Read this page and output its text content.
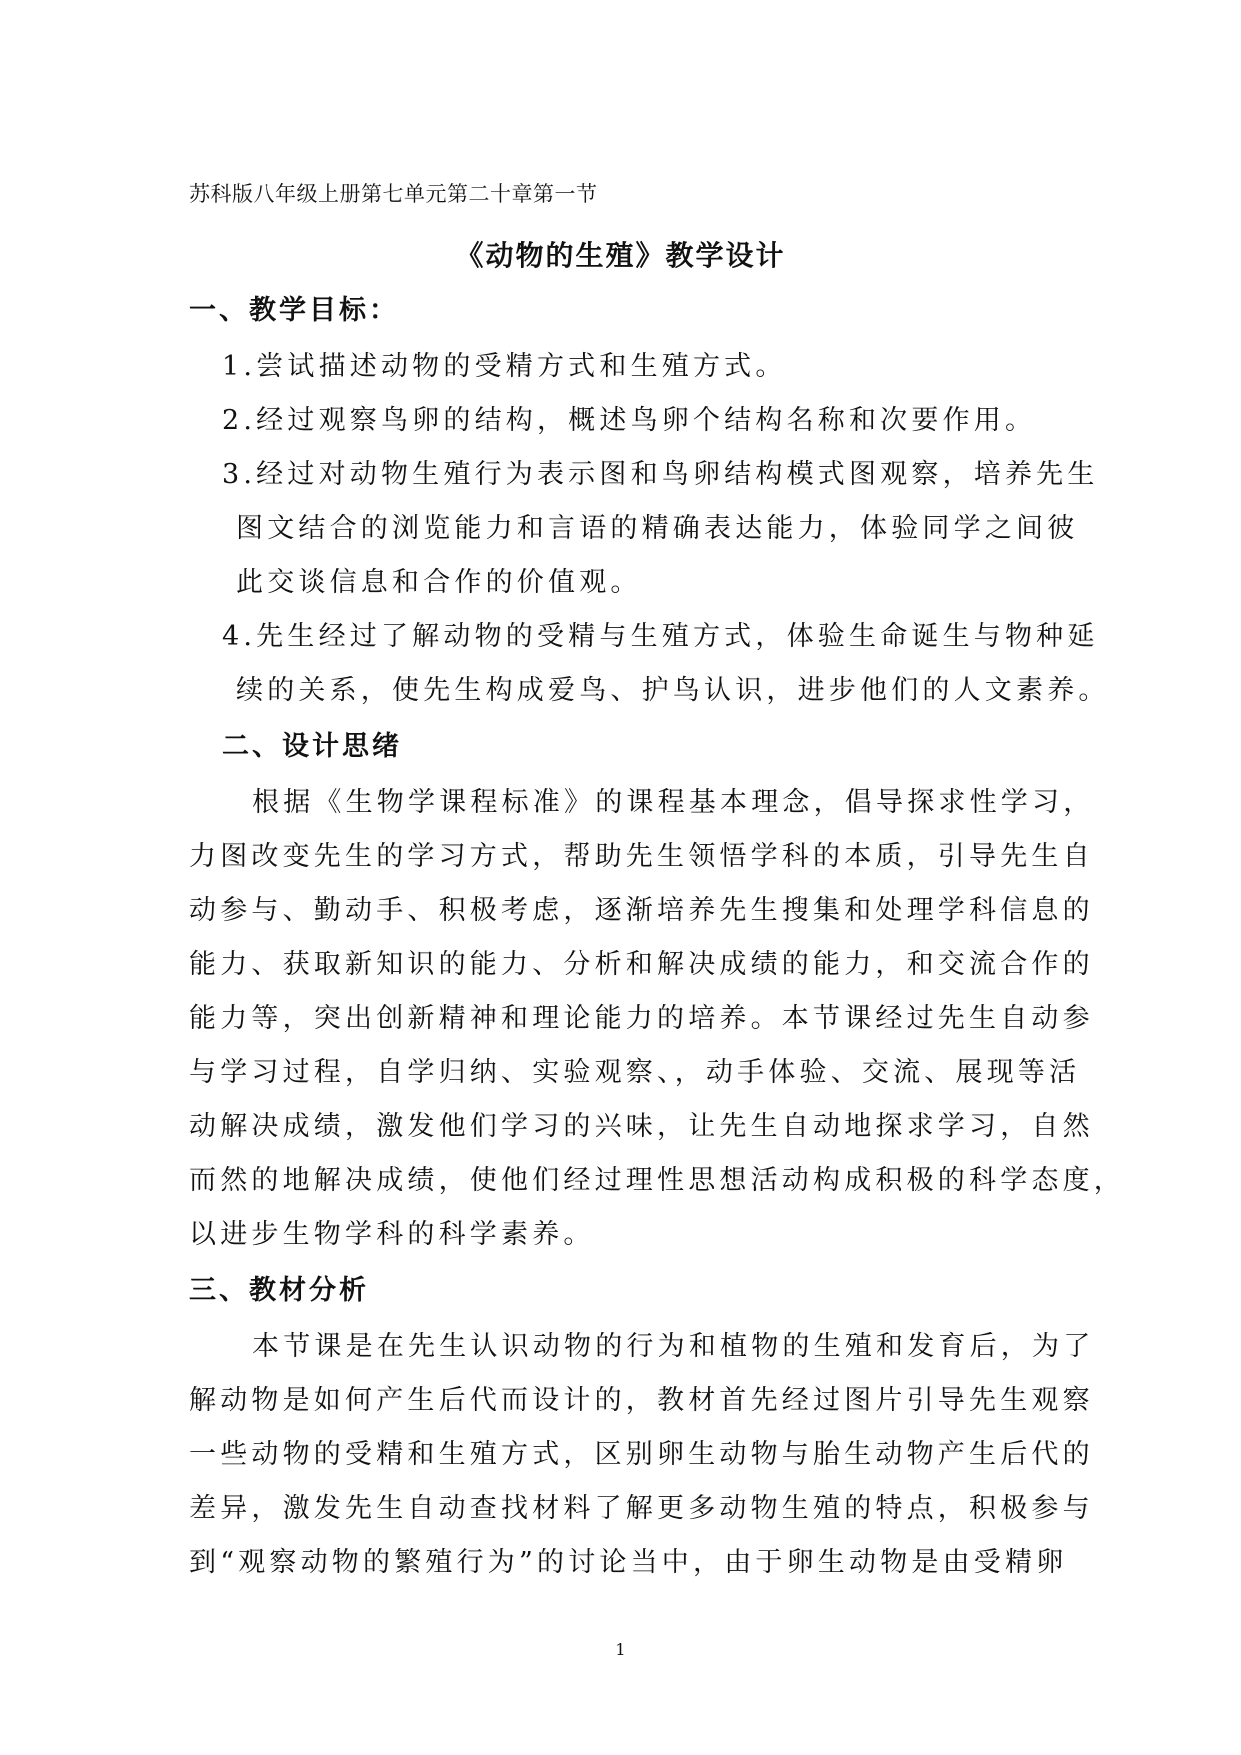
苏科版八年级上册第七单元第二十章第一节
《动物的生殖》教学设计
一、教学目标：
1.尝试描述动物的受精方式和生殖方式。
2.经过观察鸟卵的结构，概述鸟卵个结构名称和次要作用。
3.经过对动物生殖行为表示图和鸟卵结构模式图观察，培养先生
图文结合的浏览能力和言语的精确表达能力，体验同学之间彼
此交谈信息和合作的价值观。
4.先生经过了解动物的受精与生殖方式，体验生命诞生与物种延
续的关系，使先生构成爱鸟、护鸟认识，进步他们的人文素养。
二、设计思绪
根据《生物学课程标准》的课程基本理念，倡导探求性学习，
力图改变先生的学习方式，帮助先生领悟学科的本质，引导先生自
动参与、勤动手、积极考虑，逐渐培养先生搜集和处理学科信息的
能力、获取新知识的能力、分析和解决成绩的能力，和交流合作的
能力等，突出创新精神和理论能力的培养。本节课经过先生自动参
与学习过程，自学归纳、实验观察、，动手体验、交流、展现等活
动解决成绩，激发他们学习的兴味，让先生自动地探求学习，自然
而然的地解决成绩，使他们经过理性思想活动构成积极的科学态度，
以进步生物学科的科学素养。
三、教材分析
本节课是在先生认识动物的行为和植物的生殖和发育后，为了
解动物是如何产生后代而设计的，教材首先经过图片引导先生观察
一些动物的受精和生殖方式，区别卵生动物与胎生动物产生后代的
差异，激发先生自动查找材料了解更多动物生殖的特点，积极参与
到“观察动物的繁殖行为”的讨论当中，由于卵生动物是由受精卵
1
